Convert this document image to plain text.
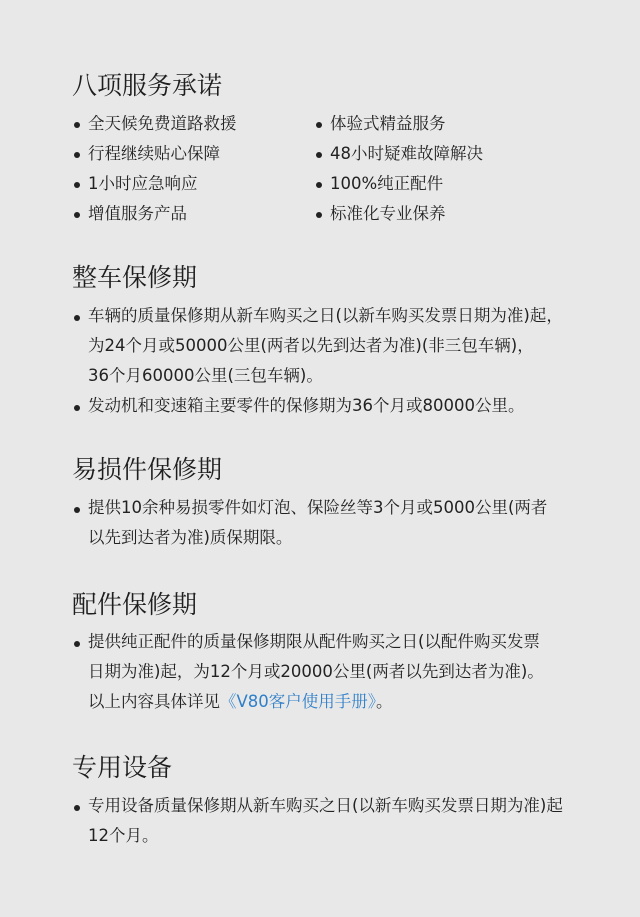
八项服务承诺
全天候免费道路救援	体验式精益服务
行程继续贴心保障	48小时疑难故障解决
1小时应急响应	100%纯正配件
增值服务产品	标准化专业保养
整车保修期
车辆的质量保修期从新车购买之日(以新车购买发票日期为准)起，
为24个月或50000公里(两者以先到达者为准)(非三包车辆)，
36个月60000公里(三包车辆)。
发动机和变速箱主要零件的保修期为36个月或80000公里。
易损件保修期
提供10余种易损零件如灯泡、保险丝等3个月或5000公里(两者
以先到达者为准)质保期限。
配件保修期
提供纯正配件的质量保修期限从配件购买之日(以配件购买发票
日期为准)起，为12个月或20000公里(两者以先到达者为准)。
以上内容具体详见《V80客户使用手册》。
专用设备
专用设备质量保修期从新车购买之日(以新车购买发票日期为准)起
12个月。
